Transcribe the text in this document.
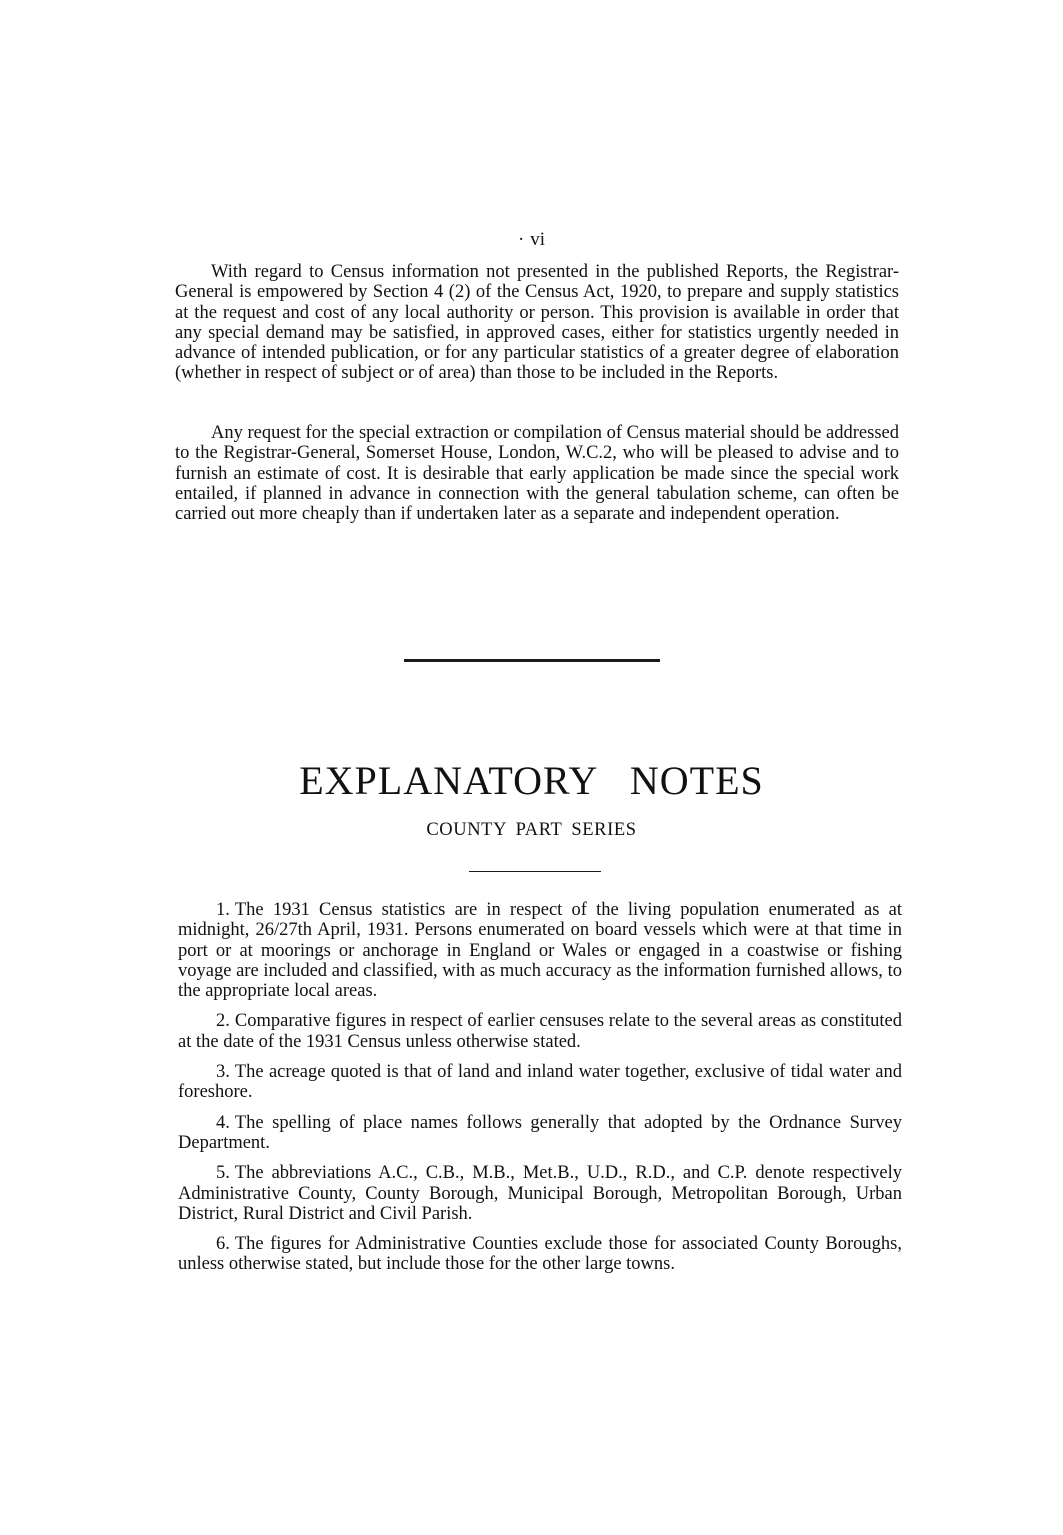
· vi

With regard to Census information not presented in the published Reports, the Registrar-General is empowered by Section 4 (2) of the Census Act, 1920, to prepare and supply statistics at the request and cost of any local authority or person. This provision is available in order that any special demand may be satisfied, in approved cases, either for statistics urgently needed in advance of intended publication, or for any particular statistics of a greater degree of elaboration (whether in respect of subject or of area) than those to be included in the Reports.

Any request for the special extraction or compilation of Census material should be addressed to the Registrar-General, Somerset House, London, W.C.2, who will be pleased to advise and to furnish an estimate of cost. It is desirable that early application be made since the special work entailed, if planned in advance in connection with the general tabulation scheme, can often be carried out more cheaply than if undertaken later as a separate and independent operation.

EXPLANATORY NOTES
COUNTY PART SERIES

1. The 1931 Census statistics are in respect of the living population enumerated as at midnight, 26/27th April, 1931. Persons enumerated on board vessels which were at that time in port or at moorings or anchorage in England or Wales or engaged in a coastwise or fishing voyage are included and classified, with as much accuracy as the information furnished allows, to the appropriate local areas.

2. Comparative figures in respect of earlier censuses relate to the several areas as constituted at the date of the 1931 Census unless otherwise stated.

3. The acreage quoted is that of land and inland water together, exclusive of tidal water and foreshore.

4. The spelling of place names follows generally that adopted by the Ordnance Survey Department.

5. The abbreviations A.C., C.B., M.B., Met.B., U.D., R.D., and C.P. denote respectively Administrative County, County Borough, Municipal Borough, Metropolitan Borough, Urban District, Rural District and Civil Parish.

6. The figures for Administrative Counties exclude those for associated County Boroughs, unless otherwise stated, but include those for the other large towns.
